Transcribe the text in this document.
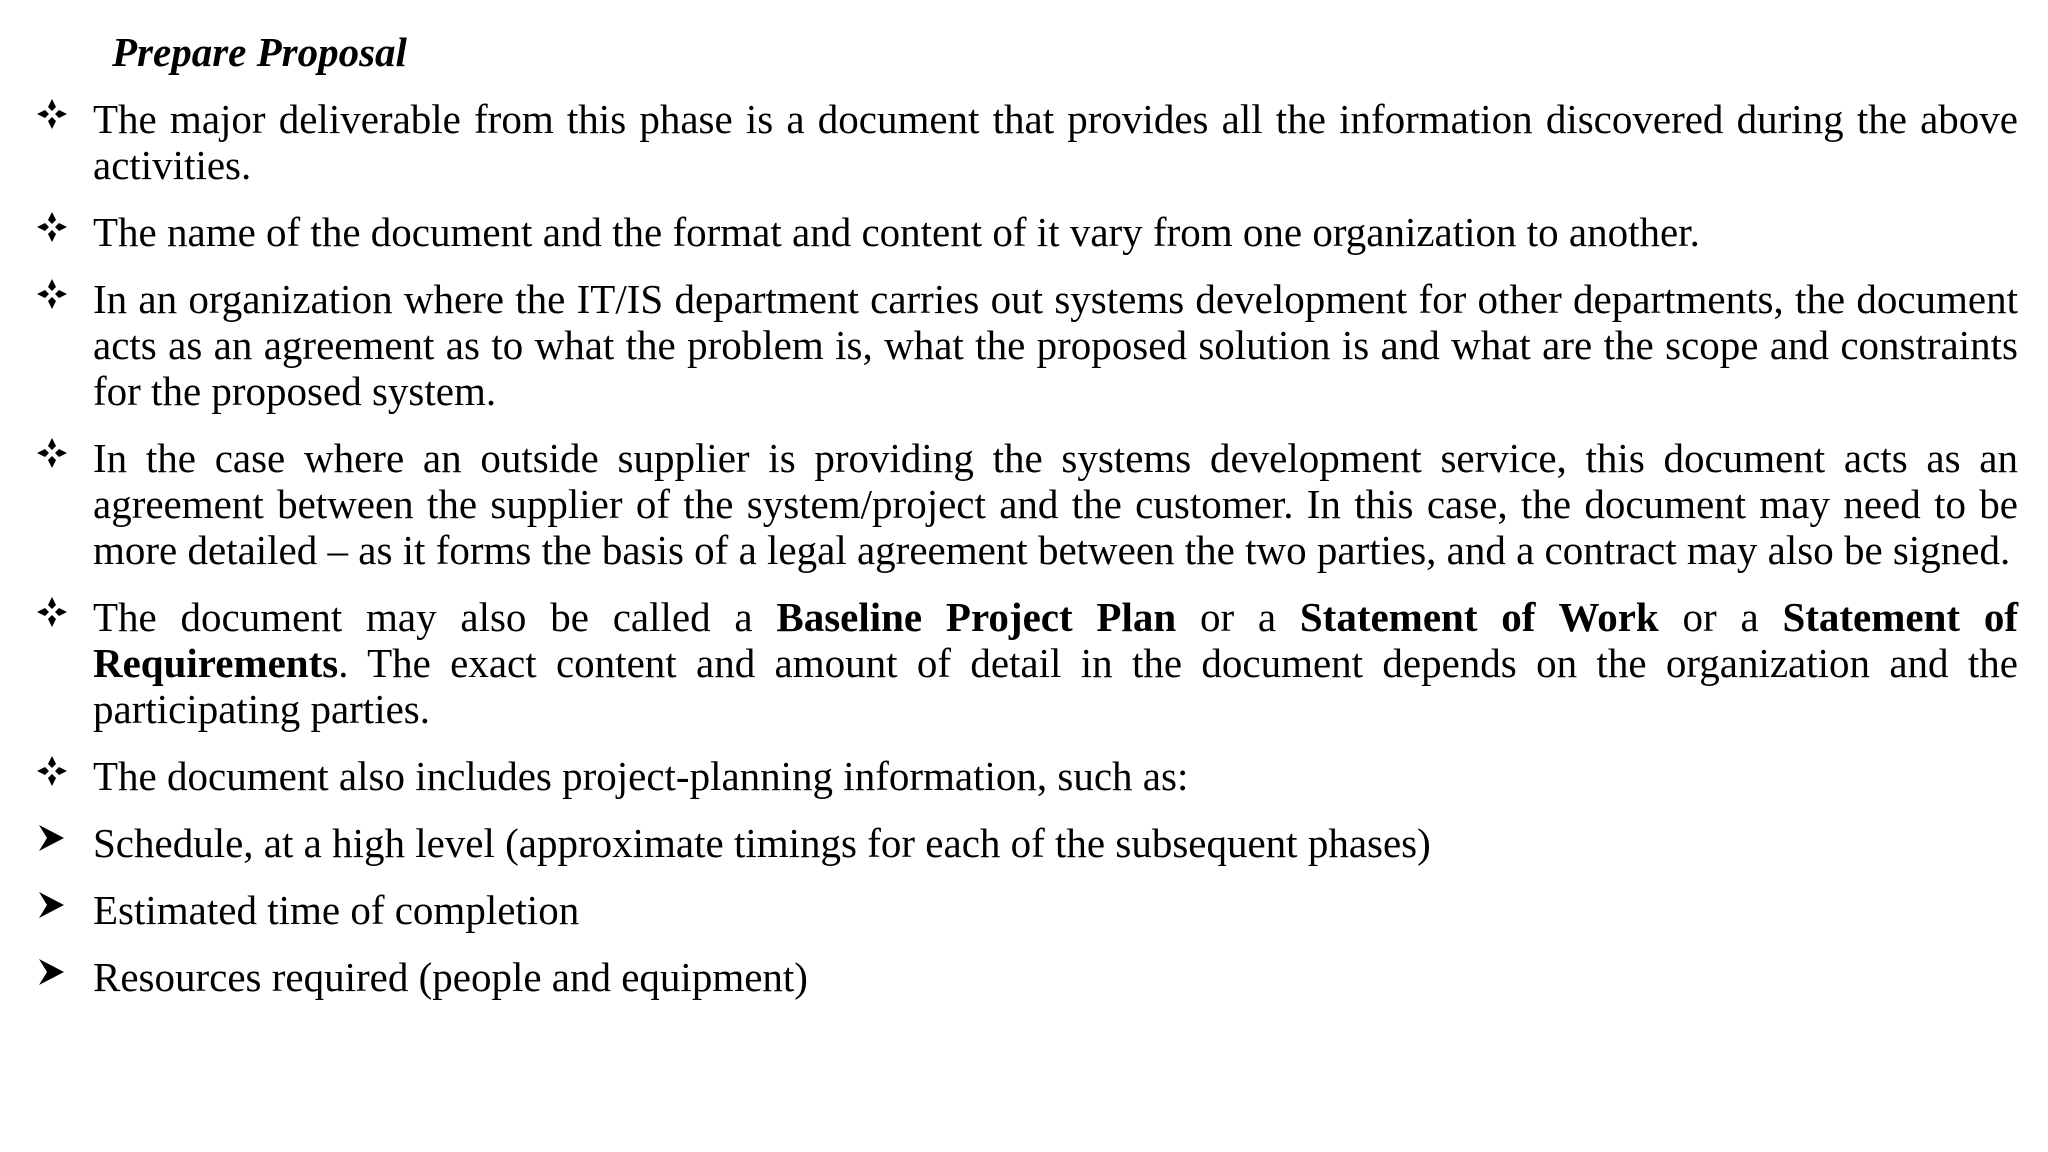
Prepare Proposal
The major deliverable from this phase is a document that provides all the information discovered during the above activities.
The name of the document and the format and content of it vary from one organization to another.
In an organization where the IT/IS department carries out systems development for other departments, the document acts as an agreement as to what the problem is, what the proposed solution is and what are the scope and constraints for the proposed system.
In the case where an outside supplier is providing the systems development service, this document acts as an agreement between the supplier of the system/project and the customer. In this case, the document may need to be more detailed – as it forms the basis of a legal agreement between the two parties, and a contract may also be signed.
The document may also be called a Baseline Project Plan or a Statement of Work or a Statement of Requirements. The exact content and amount of detail in the document depends on the organization and the participating parties.
The document also includes project-planning information, such as:
Schedule, at a high level (approximate timings for each of the subsequent phases)
Estimated time of completion
Resources required (people and equipment)
